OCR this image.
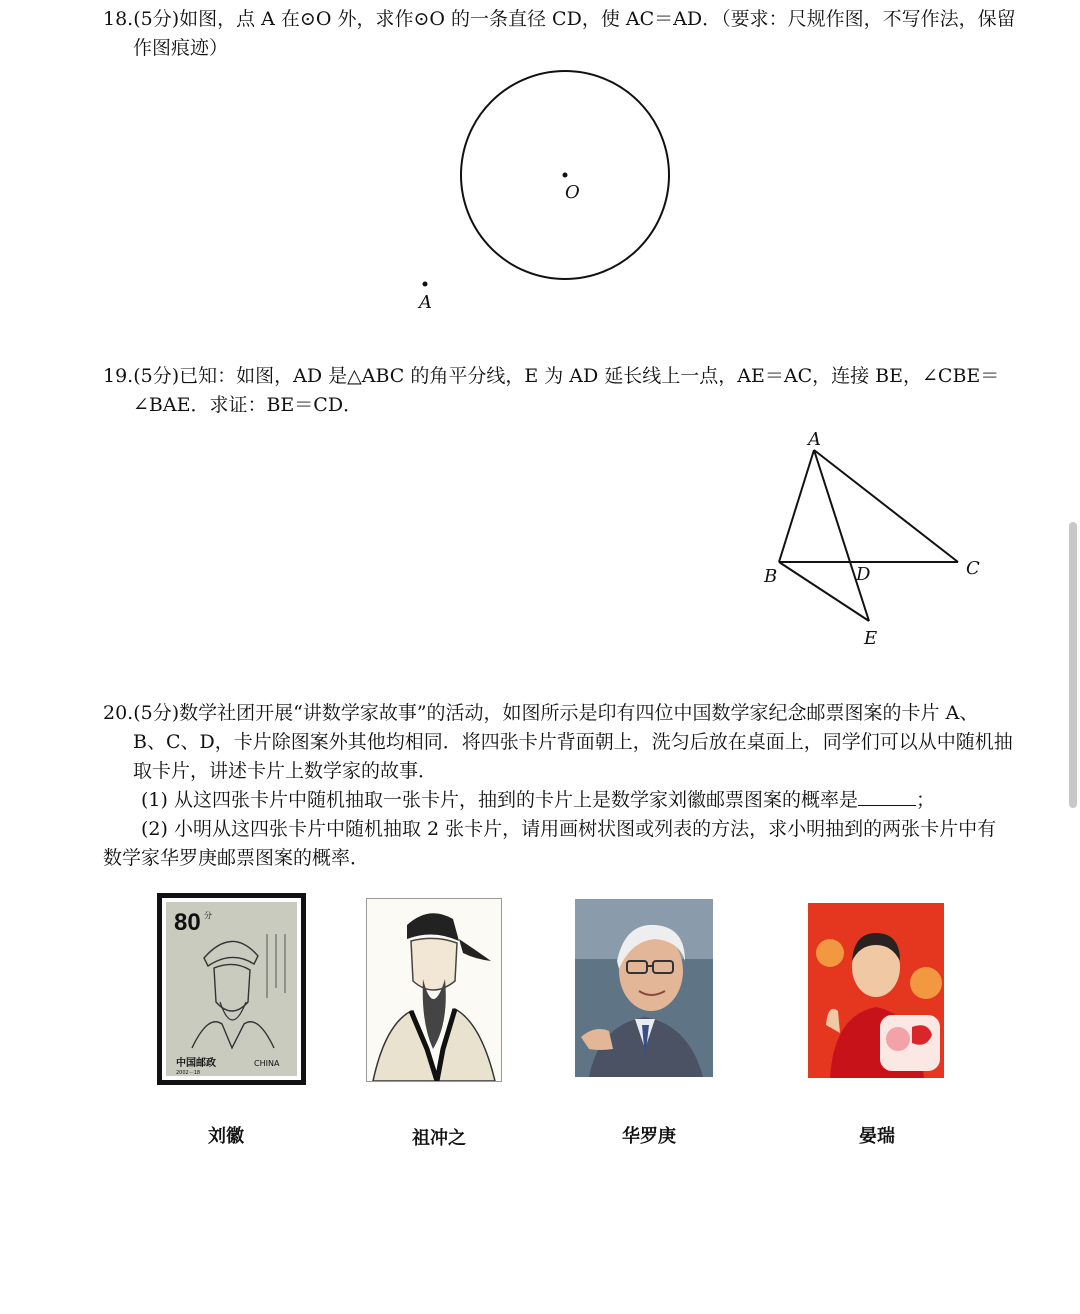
18.(5分)如图，点 A 在⊙O 外，求作⊙O 的一条直径 CD，使 AC＝AD．（要求：尺规作图，不写作法，保留
作图痕迹）
O
A
19.(5分)已知：如图，AD 是△ABC 的角平分线，E 为 AD 延长线上一点，AE＝AC，连接 BE，∠CBE＝
∠BAE．求证：BE＝CD．
A
B	C
D
E
20.(5分)数学社团开展“讲数学家故事”的活动，如图所示是印有四位中国数学家纪念邮票图案的卡片 A、
B、C、D，卡片除图案外其他均相同．将四张卡片背面朝上，洗匀后放在桌面上，同学们可以从中随机抽
取卡片，讲述卡片上数学家的故事．
(1) 从这四张卡片中随机抽取一张卡片，抽到的卡片上是数学家刘徽邮票图案的概率是	；
(2) 小明从这四张卡片中随机抽取 2 张卡片，请用画树状图或列表的方法，求小明抽到的两张卡片中有
数学家华罗庚邮票图案的概率．
80 分
中国邮政	CHINA
2002－18
刘徽	祖冲之	华罗庚	晏瑞
